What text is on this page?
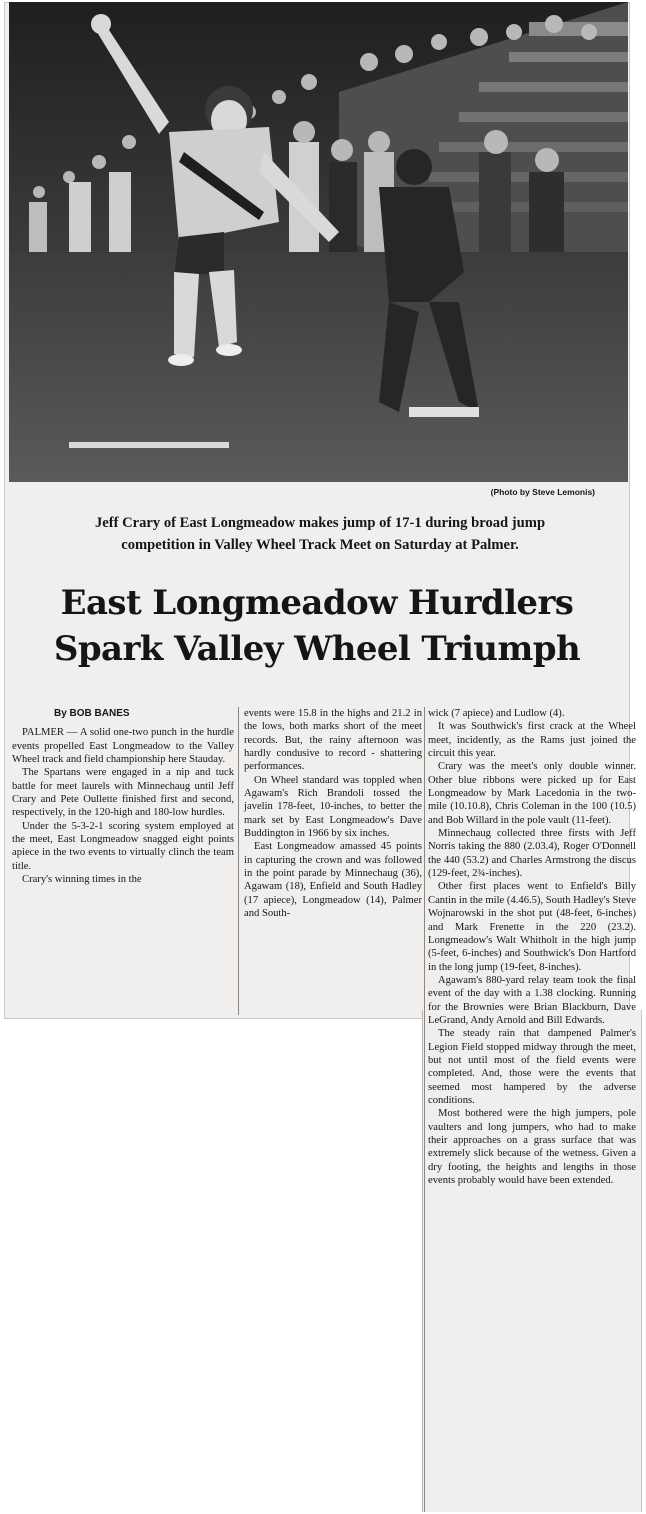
(Photo by Steve Lemonis)
Jeff Crary of East Longmeadow makes jump of 17-1 during broad jump
competition in Valley Wheel Track Meet on Saturday at Palmer.
East Longmeadow Hurdlers
Spark Valley Wheel Triumph

By BOB BANES

PALMER — A solid one-two punch in the hurdle events propelled East Longmeadow to the Valley Wheel track and field championship here Stauday.

The Spartans were engaged in a nip and tuck battle for meet laurels with Minnechaug until Jeff Crary and Pete Oullette finished first and second, respectively, in the 120-high and 180-low hurdles.

Under the 5-3-2-1 scoring system employed at the meet, East Longmeadow snagged eight points apiece in the two events to virtually clinch the team title.

Crary's winning times in the

events were 15.8 in the highs and 21.2 in the lows, both marks short of the meet records. But, the rainy afternoon was hardly condusive to record - shattering performances.

On Wheel standard was toppled when Agawam's Rich Brandoli tossed the javelin 178-feet, 10-inches, to better the mark set by East Longmeadow's Dave Buddington in 1966 by six inches.

East Longmeadow amassed 45 points in capturing the crown and was followed in the point parade by Minnechaug (36), Agawam (18), Enfield and South Hadley (17 apiece), Longmeadow (14), Palmer and South-

wick (7 apiece) and Ludlow (4).

It was Southwick's first crack at the Wheel meet, incidently, as the Rams just joined the circuit this year.

Crary was the meet's only double winner. Other blue ribbons were picked up for East Longmeadow by Mark Lacedonia in the two-mile (10.10.8), Chris Coleman in the 100 (10.5) and Bob Willard in the pole vault (11-feet).

Minnechaug collected three firsts with Jeff Norris taking the 880 (2.03.4), Roger O'Donnell the 440 (53.2) and Charles Armstrong the discus (129-feet, 2¾-inches).

Other first places went to Enfield's Billy Cantin in the mile (4.46.5), South Hadley's Steve Wojnarowski in the shot put (48-feet, 6-inches) and Mark Frenette in the 220 (23.2). Longmeadow's Walt Whitholt in the high jump (5-feet, 6-inches) and Southwick's Don Hartford in the long jump (19-feet, 8-inches).

Agawam's 880-yard relay team took the final event of the day with a 1.38 clocking. Running for the Brownies were Brian Blackburn, Dave LeGrand, Andy Arnold and Bill Edwards.

The steady rain that dampened Palmer's Legion Field stopped midway through the meet, but not until most of the field events were completed. And, those were the events that seemed most hampered by the adverse conditions.

Most bothered were the high jumpers, pole vaulters and long jumpers, who had to make their approaches on a grass surface that was extremely slick because of the wetness. Given a dry footing, the heights and lengths in those events probably would have been extended.
